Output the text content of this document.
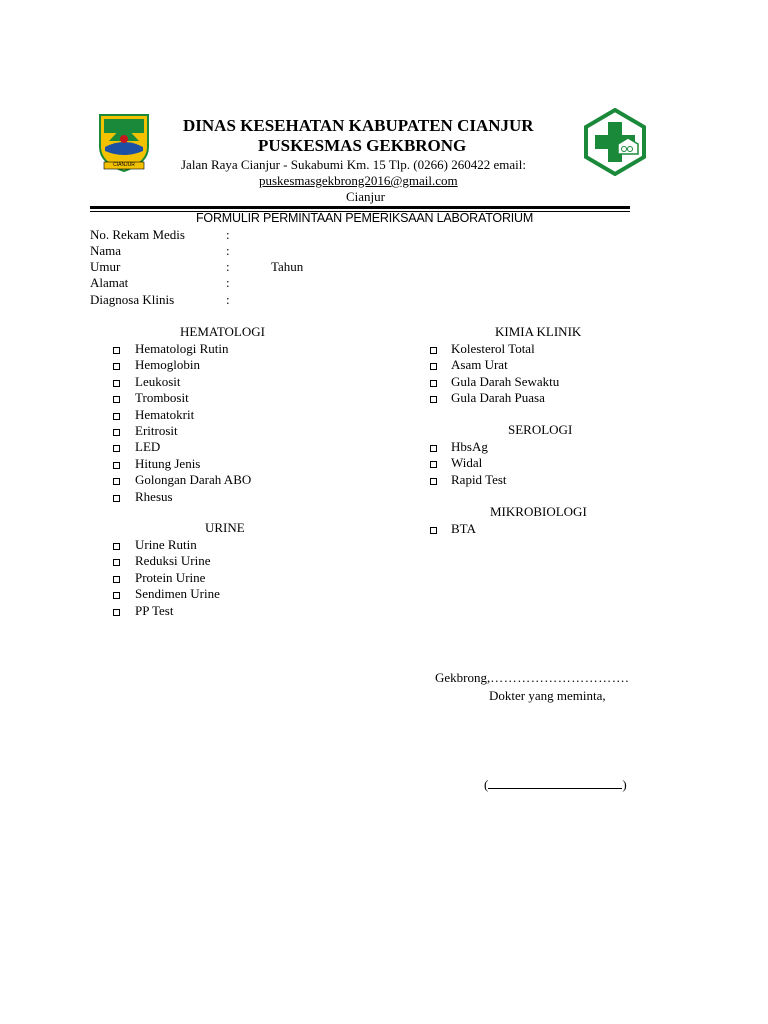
CIANJUR
DINAS KESEHATAN KABUPATEN CIANJUR
PUSKESMAS GEKBRONG
Jalan Raya Cianjur - Sukabumi Km. 15 Tlp. (0266) 260422 email:
puskesmasgekbrong2016@gmail.com
Cianjur
FORMULIR PERMINTAAN PEMERIKSAAN LABORATORIUM
No. Rekam Medis	:
Nama	:
Umur	:	Tahun
Alamat	:
Diagnosa Klinis	:
HEMATOLOGI
Hematologi Rutin
Hemoglobin
Leukosit
Trombosit
Hematokrit
Eritrosit
LED
Hitung Jenis
Golongan Darah ABO
Rhesus
URINE
Urine Rutin
Reduksi Urine
Protein Urine
Sendimen Urine
PP Test
KIMIA KLINIK
Kolesterol Total
Asam Urat
Gula Darah Sewaktu
Gula Darah Puasa
SEROLOGI
HbsAg
Widal
Rapid Test
MIKROBIOLOGI
BTA
Gekbrong,………………………….
Dokter yang meminta,
(	)
